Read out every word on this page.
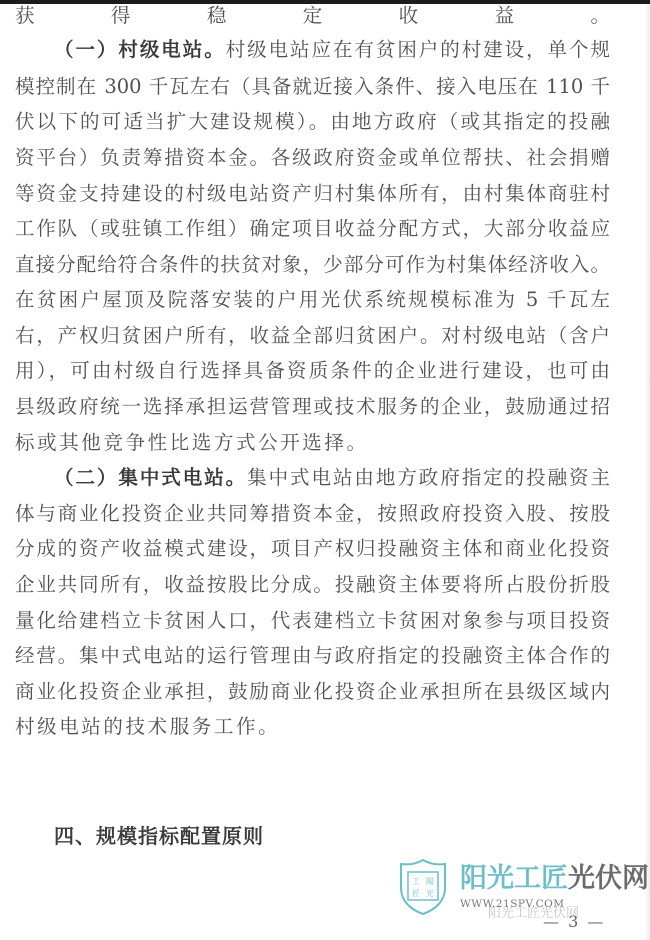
获得稳定收益。
（一）村级电站。村级电站应在有贫困户的村建设，单个规
模控制在 300 千瓦左右（具备就近接入条件、接入电压在 110 千
伏以下的可适当扩大建设规模）。由地方政府（或其指定的投融
资平台）负责筹措资本金。各级政府资金或单位帮扶、社会捐赠
等资金支持建设的村级电站资产归村集体所有，由村集体商驻村
工作队（或驻镇工作组）确定项目收益分配方式，大部分收益应
直接分配给符合条件的扶贫对象，少部分可作为村集体经济收入。
在贫困户屋顶及院落安装的户用光伏系统规模标准为 5 千瓦左
右，产权归贫困户所有，收益全部归贫困户。对村级电站（含户
用），可由村级自行选择具备资质条件的企业进行建设，也可由
县级政府统一选择承担运营管理或技术服务的企业，鼓励通过招
标或其他竞争性比选方式公开选择。
（二）集中式电站。集中式电站由地方政府指定的投融资主
体与商业化投资企业共同筹措资本金，按照政府投资入股、按股
分成的资产收益模式建设，项目产权归投融资主体和商业化投资
企业共同所有，收益按股比分成。投融资主体要将所占股份折股
量化给建档立卡贫困人口，代表建档立卡贫困对象参与项目投资
经营。集中式电站的运行管理由与政府指定的投融资主体合作的
商业化投资企业承担，鼓励商业化投资企业承担所在县级区域内
村级电站的技术服务工作。
四、规模指标配置原则
工 陽
匠 光 阳光工匠光伏网
阳光工匠光伏网
WWW.21SPV.COM
— 3 —
